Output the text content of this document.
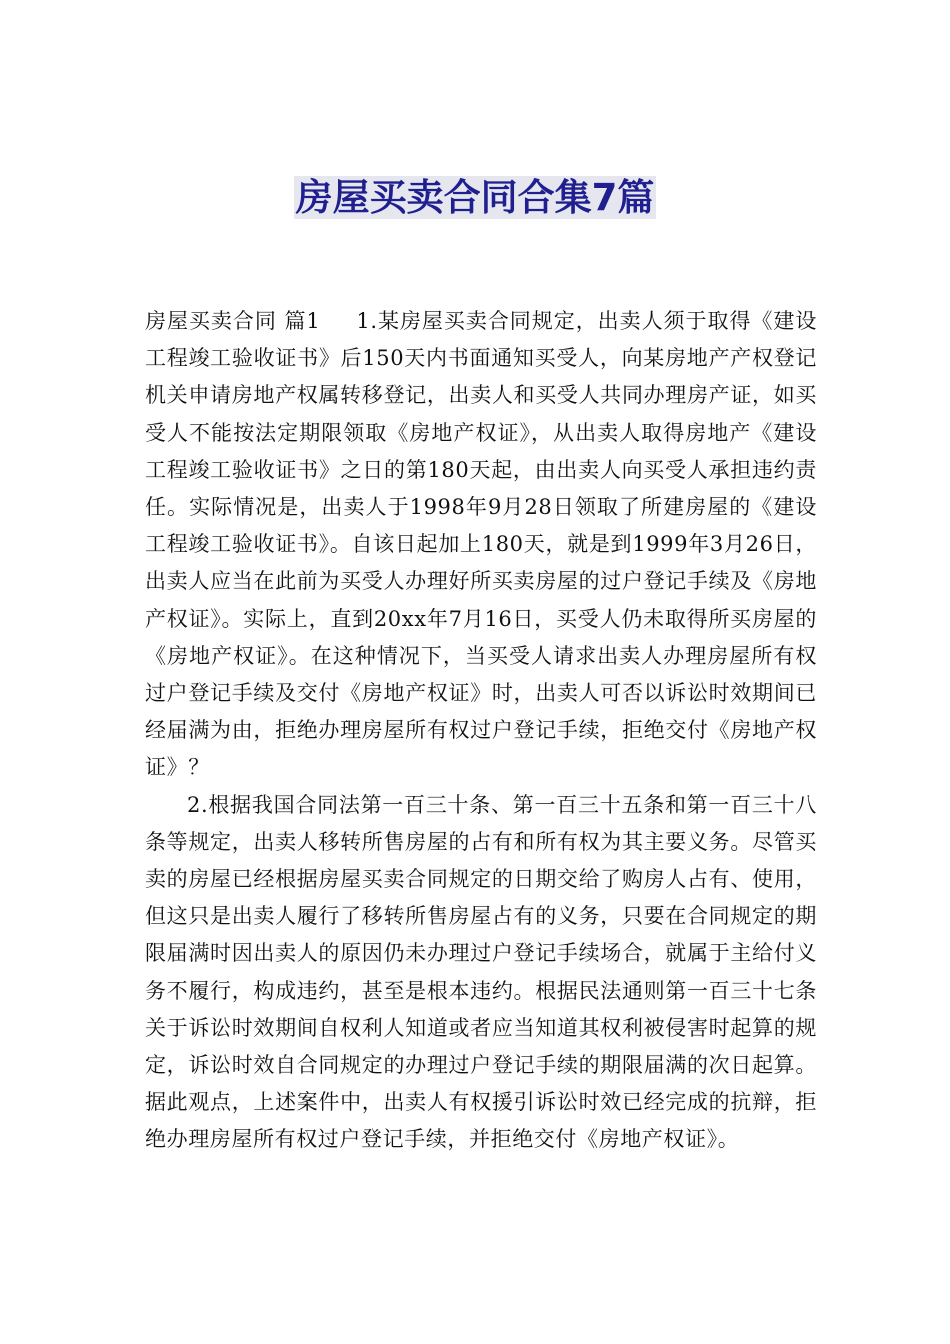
房屋买卖合同合集7篇

房屋买卖合同 篇1 1.某房屋买卖合同规定，出卖人须于取得《建设工程竣工验收证书》后150天内书面通知买受人，向某房地产产权登记机关申请房地产权属转移登记，出卖人和买受人共同办理房产证，如买受人不能按法定期限领取《房地产权证》，从出卖人取得房地产《建设工程竣工验收证书》之日的第180天起，由出卖人向买受人承担违约责任。实际情况是，出卖人于1998年9月28日领取了所建房屋的《建设工程竣工验收证书》。自该日起加上180天，就是到1999年3月26日，出卖人应当在此前为买受人办理好所买卖房屋的过户登记手续及《房地产权证》。实际上，直到20xx年7月16日，买受人仍未取得所买房屋的《房地产权证》。在这种情况下，当买受人请求出卖人办理房屋所有权过户登记手续及交付《房地产权证》时，出卖人可否以诉讼时效期间已经届满为由，拒绝办理房屋所有权过户登记手续，拒绝交付《房地产权证》？

2.根据我国合同法第一百三十条、第一百三十五条和第一百三十八条等规定，出卖人移转所售房屋的占有和所有权为其主要义务。尽管买卖的房屋已经根据房屋买卖合同规定的日期交给了购房人占有、使用，但这只是出卖人履行了移转所售房屋占有的义务，只要在合同规定的期限届满时因出卖人的原因仍未办理过户登记手续场合，就属于主给付义务不履行，构成违约，甚至是根本违约。根据民法通则第一百三十七条关于诉讼时效期间自权利人知道或者应当知道其权利被侵害时起算的规定，诉讼时效自合同规定的办理过户登记手续的期限届满的次日起算。据此观点，上述案件中，出卖人有权援引诉讼时效已经完成的抗辩，拒绝办理房屋所有权过户登记手续，并拒绝交付《房地产权证》。
